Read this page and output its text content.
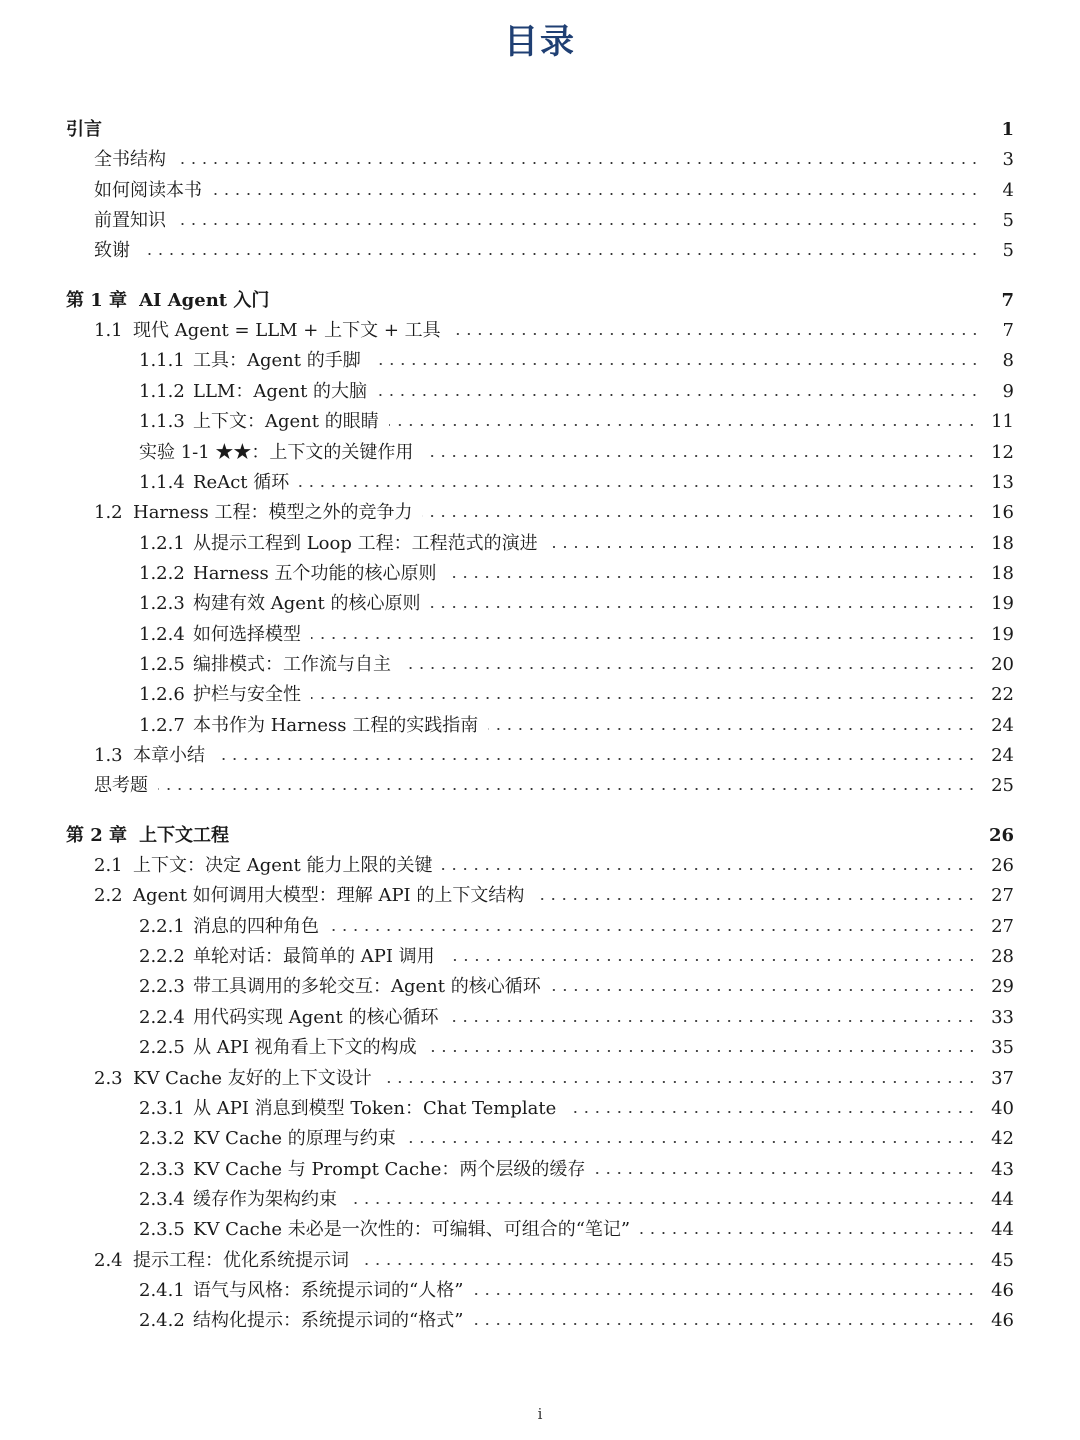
目录
引言	1
全书结构	3
如何阅读本书	4
前置知识	5
致谢	5
第 1 章 AI Agent 入门	7
1.1 现代 Agent = LLM + 上下文 + 工具	7
1.1.1 工具：Agent 的手脚	8
1.1.2 LLM：Agent 的大脑	9
1.1.3 上下文：Agent 的眼睛	11
实验 1-1 ★★：上下文的关键作用	12
1.1.4 ReAct 循环	13
1.2 Harness 工程：模型之外的竞争力	16
1.2.1 从提示工程到 Loop 工程：工程范式的演进	18
1.2.2 Harness 五个功能的核心原则	18
1.2.3 构建有效 Agent 的核心原则	19
1.2.4 如何选择模型	19
1.2.5 编排模式：工作流与自主	20
1.2.6 护栏与安全性	22
1.2.7 本书作为 Harness 工程的实践指南	24
1.3 本章小结	24
思考题	25
第 2 章 上下文工程	26
2.1 上下文：决定 Agent 能力上限的关键	26
2.2 Agent 如何调用大模型：理解 API 的上下文结构	27
2.2.1 消息的四种角色	27
2.2.2 单轮对话：最简单的 API 调用	28
2.2.3 带工具调用的多轮交互：Agent 的核心循环	29
2.2.4 用代码实现 Agent 的核心循环	33
2.2.5 从 API 视角看上下文的构成	35
2.3 KV Cache 友好的上下文设计	37
2.3.1 从 API 消息到模型 Token：Chat Template	40
2.3.2 KV Cache 的原理与约束	42
2.3.3 KV Cache 与 Prompt Cache：两个层级的缓存	43
2.3.4 缓存作为架构约束	44
2.3.5 KV Cache 未必是一次性的：可编辑、可组合的“笔记”	44
2.4 提示工程：优化系统提示词	45
2.4.1 语气与风格：系统提示词的“人格”	46
2.4.2 结构化提示：系统提示词的“格式”	46
i
